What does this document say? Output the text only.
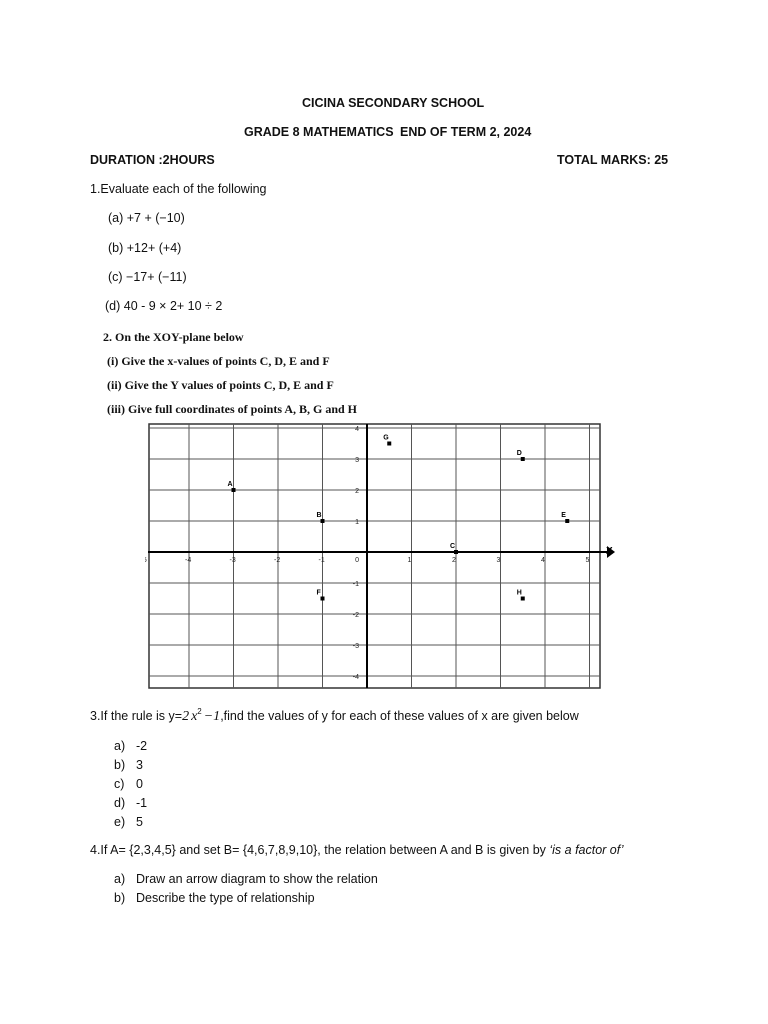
CICINA SECONDARY SCHOOL
GRADE 8 MATHEMATICS END OF TERM 2, 2024
DURATION :2HOURS	TOTAL MARKS: 25
1.Evaluate each of the following
(a) +7 + (−10)
(b) +12+ (+4)
(c) −17+ (−11)
(d) 40 - 9 × 2+ 10 ÷ 2
2. On the XOY-plane below
(i) Give the x-values of points C, D, E and F
(ii) Give the Y values of points C, D, E and F
(iii) Give full coordinates of points A, B, G and H
X
-4	-3	-2	-1	1	2	3	4	5
4
3
2
1
-1
-2
-3
-4
0
A
B
C
D
E
F
G
H
3.If the rule is y=2 $x^2$ −1,find the values of y for each of these values of x are given below
a) -2
b) 3
c) 0
d) -1
e) 5
4.If A= {2,3,4,5} and set B= {4,6,7,8,9,10}, the relation between A and B is given by ‘is a factor of’
a) Draw an arrow diagram to show the relation
b) Describe the type of relationship
